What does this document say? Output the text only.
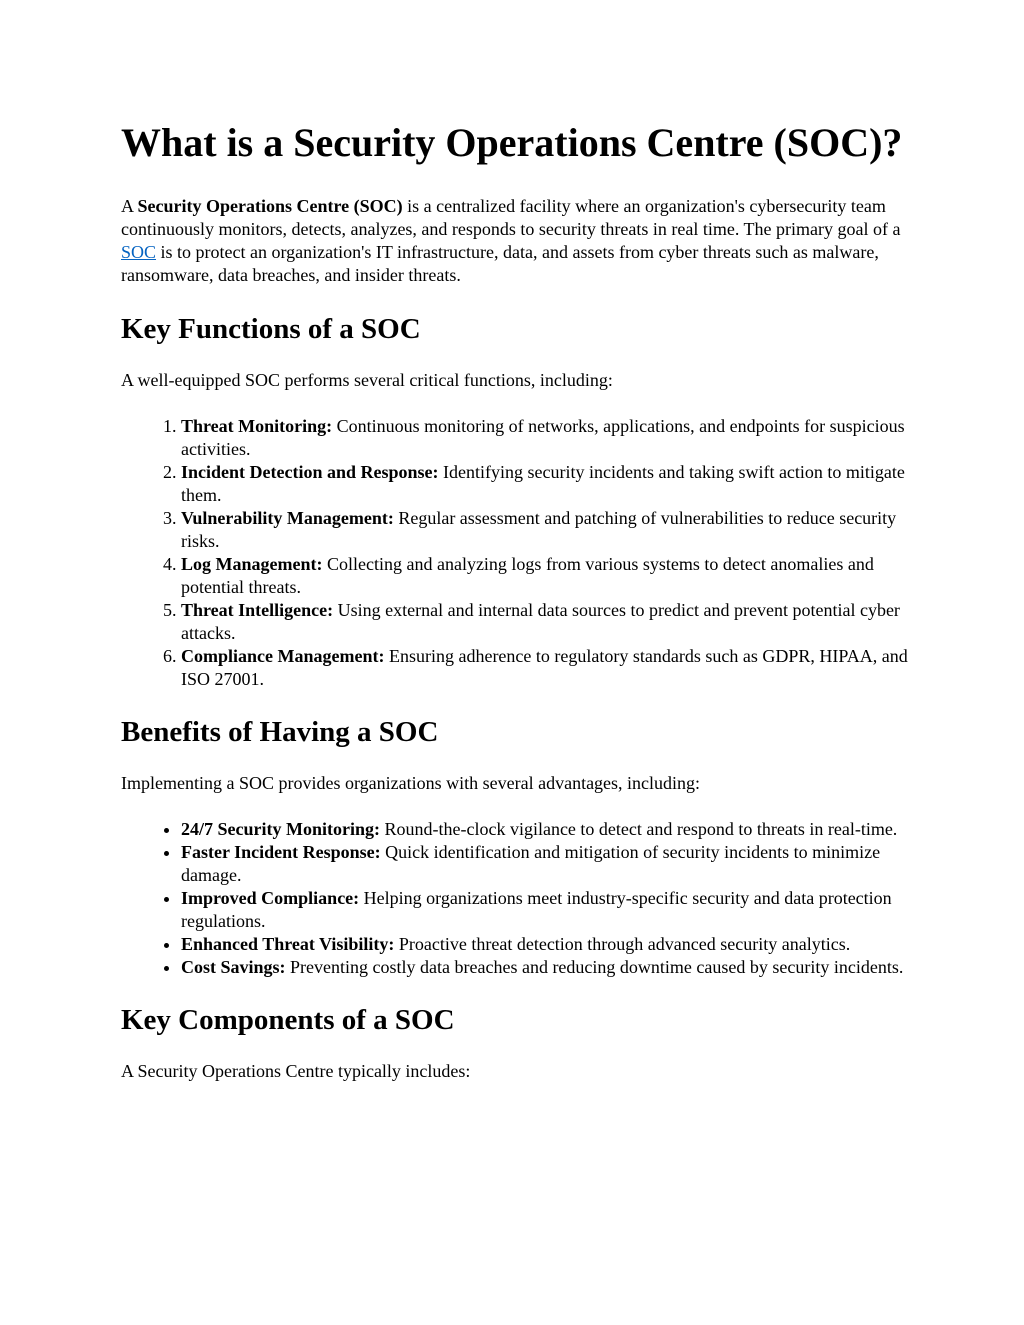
What is a Security Operations Centre (SOC)?

A Security Operations Centre (SOC) is a centralized facility where an organization's cybersecurity team continuously monitors, detects, analyzes, and responds to security threats in real time. The primary goal of a SOC is to protect an organization's IT infrastructure, data, and assets from cyber threats such as malware, ransomware, data breaches, and insider threats.

Key Functions of a SOC

A well-equipped SOC performs several critical functions, including:

1. Threat Monitoring: Continuous monitoring of networks, applications, and endpoints for suspicious activities.
2. Incident Detection and Response: Identifying security incidents and taking swift action to mitigate them.
3. Vulnerability Management: Regular assessment and patching of vulnerabilities to reduce security risks.
4. Log Management: Collecting and analyzing logs from various systems to detect anomalies and potential threats.
5. Threat Intelligence: Using external and internal data sources to predict and prevent potential cyber attacks.
6. Compliance Management: Ensuring adherence to regulatory standards such as GDPR, HIPAA, and ISO 27001.
Benefits of Having a SOC

Implementing a SOC provides organizations with several advantages, including:

• 24/7 Security Monitoring: Round-the-clock vigilance to detect and respond to threats in real-time.
• Faster Incident Response: Quick identification and mitigation of security incidents to minimize damage.
• Improved Compliance: Helping organizations meet industry-specific security and data protection regulations.
• Enhanced Threat Visibility: Proactive threat detection through advanced security analytics.
• Cost Savings: Preventing costly data breaches and reducing downtime caused by security incidents.
Key Components of a SOC

A Security Operations Centre typically includes:
